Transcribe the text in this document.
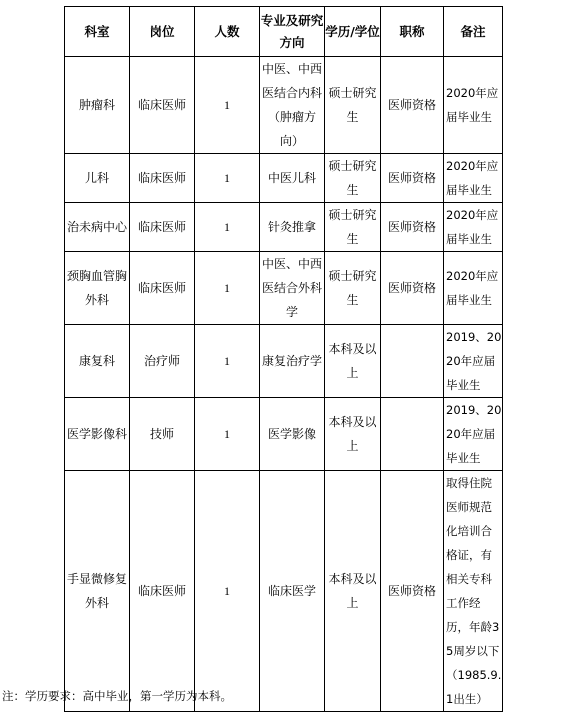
科室	岗位	人数	专业及研究方向	学历/学位	职称	备注
肿瘤科	临床医师	1	中医、中西医结合内科（肿瘤方向）	硕士研究生	医师资格	2020年应届毕业生
儿科	临床医师	1	中医儿科	硕士研究生	医师资格	2020年应届毕业生
治未病中心	临床医师	1	针灸推拿	硕士研究生	医师资格	2020年应届毕业生
颈胸血管胸外科	临床医师	1	中医、中西医结合外科学	硕士研究生	医师资格	2020年应届毕业生
康复科	治疗师	1	康复治疗学	本科及以上		2019、2020年应届毕业生
医学影像科	技师	1	医学影像	本科及以上		2019、2020年应届毕业生
手显微修复外科	临床医师	1	临床医学	本科及以上	医师资格	取得住院医师规范化培训合格证，有相关专科工作经历，年龄35周岁以下（1985.9.1出生）
注：学历要求：高中毕业，第一学历为本科。
